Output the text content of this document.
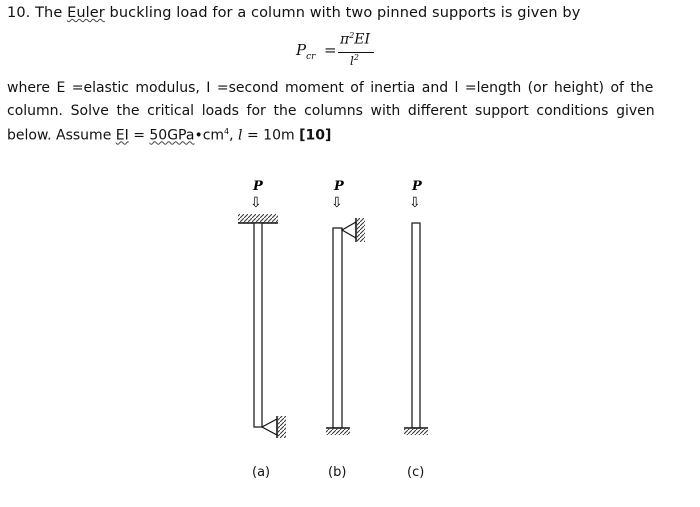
10. The Euler buckling load for a column with two pinned supports is given by
$P_{cr}$ =
$\pi^2EI$
$l^2$
where E =elastic modulus, I =second moment of inertia and l =length (or height) of the
column. Solve the critical loads for the columns with different support conditions given
below. Assume EI = $50GPa•cm^4$, l = 10m [10]
P
⇩
P
⇩
P
⇩
(a)	(b)	(c)
